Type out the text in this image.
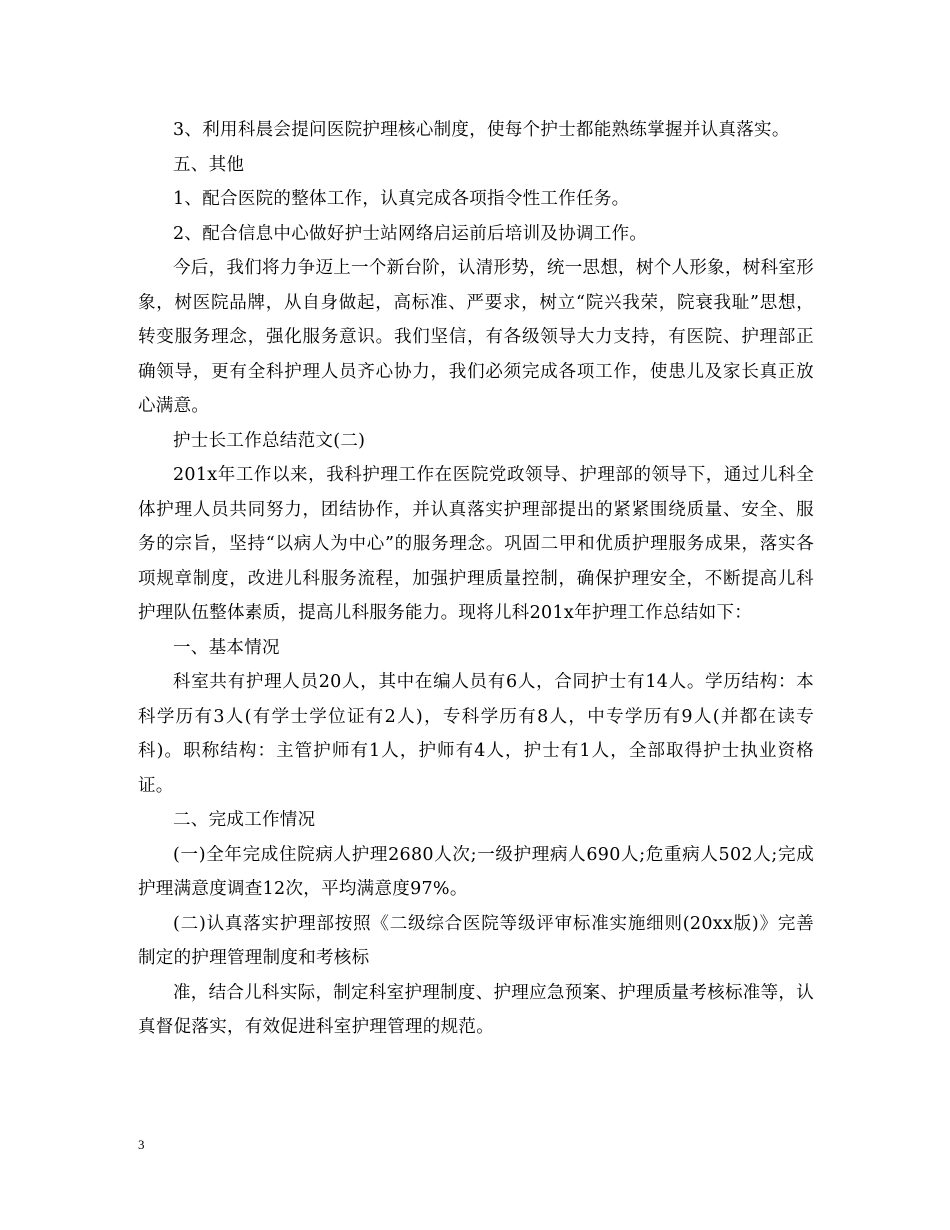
3、利用科晨会提问医院护理核心制度，使每个护士都能熟练掌握并认真落实。

五、其他

1、配合医院的整体工作，认真完成各项指令性工作任务。

2、配合信息中心做好护士站网络启运前后培训及协调工作。

今后，我们将力争迈上一个新台阶，认清形势，统一思想，树个人形象，树科室形象，树医院品牌，从自身做起，高标准、严要求，树立“院兴我荣，院衰我耻”思想，转变服务理念，强化服务意识。我们坚信，有各级领导大力支持，有医院、护理部正确领导，更有全科护理人员齐心协力，我们必须完成各项工作，使患儿及家长真正放心满意。

护士长工作总结范文(二)

201x年工作以来，我科护理工作在医院党政领导、护理部的领导下，通过儿科全体护理人员共同努力，团结协作，并认真落实护理部提出的紧紧围绕质量、安全、服务的宗旨，坚持“以病人为中心”的服务理念。巩固二甲和优质护理服务成果，落实各项规章制度，改进儿科服务流程，加强护理质量控制，确保护理安全，不断提高儿科护理队伍整体素质，提高儿科服务能力。现将儿科201x年护理工作总结如下：

一、基本情况

科室共有护理人员20人，其中在编人员有6人，合同护士有14人。学历结构：本科学历有3人(有学士学位证有2人)，专科学历有8人，中专学历有9人(并都在读专科)。职称结构：主管护师有1人，护师有4人，护士有1人，全部取得护士执业资格证。

二、完成工作情况

(一)全年完成住院病人护理2680人次;一级护理病人690人;危重病人502人;完成护理满意度调查12次，平均满意度97%。

(二)认真落实护理部按照《二级综合医院等级评审标准实施细则(20xx版)》完善制定的护理管理制度和考核标

准，结合儿科实际，制定科室护理制度、护理应急预案、护理质量考核标准等，认真督促落实，有效促进科室护理管理的规范。

3
